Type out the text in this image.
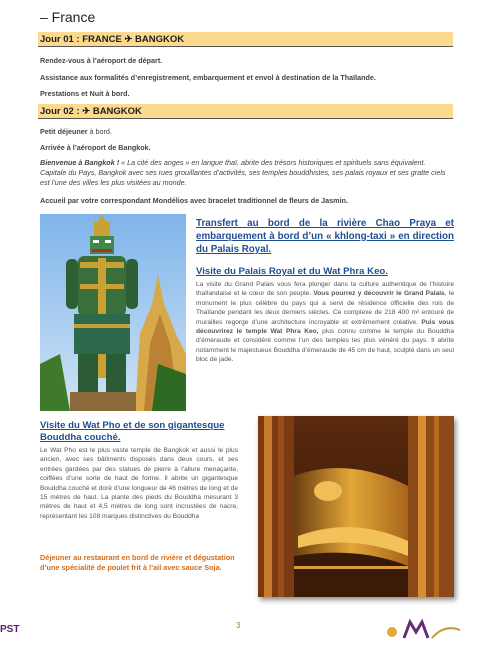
– France
Jour 01 : FRANCE ✈ BANGKOK
Rendez-vous à l’aéroport de départ.
Assistance aux formalités d’enregistrement, embarquement et envol à destination de la Thaïlande.
Prestations et Nuit à bord.
Jour 02 : ✈ BANGKOK
Petit déjeuner à bord.
Arrivée à l’aéroport de Bangkok.
Bienvenue à Bangkok ! « La cité des anges » en langue thaï, abrite des trésors historiques et spirituels sans équivalent. Capitale du Pays, Bangkok avec ses rues grouillantes d’activités, ses temples bouddhistes, ses palais royaux et ses gratte ciels est l’une des villes les plus visitées au monde.
Accueil par votre correspondant Mondélios avec bracelet traditionnel de fleurs de Jasmin.
Transfert au bord de la rivière Chao Praya et embarquement à bord d’un « khlong-taxi » en direction du Palais Royal.
Visite du Palais Royal et du Wat Phra Keo.
La visite du Grand Palais vous fera plonger dans la culture authentique de l’histoire thaïlandaise et le cœur de son peuple. Vous pourrez y découvrir le Grand Palais, le monument le plus célèbre du pays qui a servi de résidence officielle des rois de Thaïlande pendant les deux derniers siècles. Ce complexe de 218 400 m² entouré de murailles regorge d’une architecture incroyable et extrêmement créative. Puis vous découvrirez le temple Wat Phra Keo, plus connu comme le temple du Bouddha d’émeraude et considéré comme l’un des temples les plus vénéré du pays. Il abrite notamment le majestueux Bouddha d’émeraude de 45 cm de haut, sculpté dans un seul bloc de jade.
Visite du Wat Pho et de son gigantesque Bouddha couché.
Le Wat Pho est le plus vaste temple de Bangkok et aussi le plus ancien, avec ses bâtiments disposés dans deux cours, et ses entrées gardées par des statues de pierre à l’allure menaçante, coiffées d’une sorte de haut de forme. Il abrite un gigantesque Bouddha couché et doré d’une longueur de 46 mètres de long et de 15 mètres de haut. La plante des pieds du Bouddha mesurant 3 mètres de haut et 4,5 mètres de long sont incrustées de nacre, représentant les 108 marques distinctives du Bouddha
Déjeuner au restaurant en bord de rivière et dégustation d’une spécialité de poulet frit à l’ail avec sauce Soja.
PST	3
